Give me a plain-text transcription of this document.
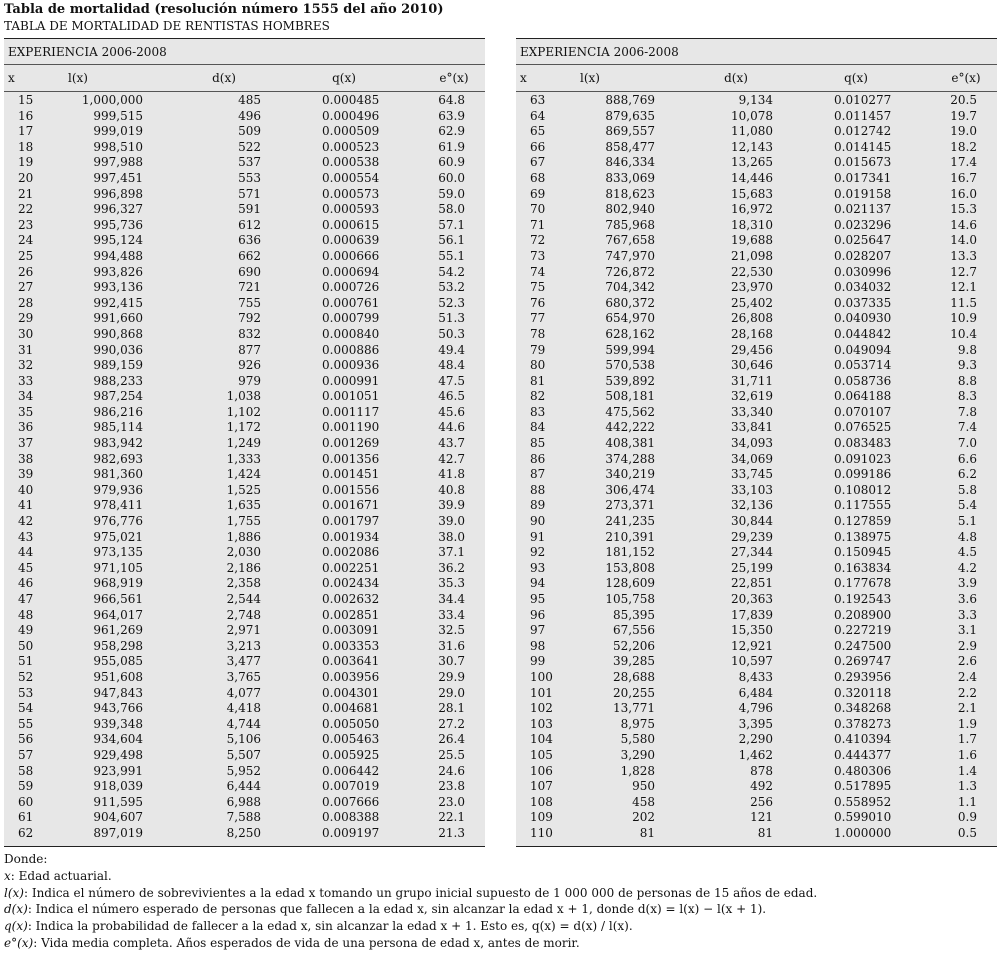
Tabla de mortalidad (resolución número 1555 del año 2010)
TABLA DE MORTALIDAD DE RENTISTAS HOMBRES
EXPERIENCIA 2006-2008
x	l(x)	d(x)	q(x)	e°(x)
15	1,000,000	485	0.000485	64.8
16	999,515	496	0.000496	63.9
17	999,019	509	0.000509	62.9
18	998,510	522	0.000523	61.9
19	997,988	537	0.000538	60.9
20	997,451	553	0.000554	60.0
21	996,898	571	0.000573	59.0
22	996,327	591	0.000593	58.0
23	995,736	612	0.000615	57.1
24	995,124	636	0.000639	56.1
25	994,488	662	0.000666	55.1
26	993,826	690	0.000694	54.2
27	993,136	721	0.000726	53.2
28	992,415	755	0.000761	52.3
29	991,660	792	0.000799	51.3
30	990,868	832	0.000840	50.3
31	990,036	877	0.000886	49.4
32	989,159	926	0.000936	48.4
33	988,233	979	0.000991	47.5
34	987,254	1,038	0.001051	46.5
35	986,216	1,102	0.001117	45.6
36	985,114	1,172	0.001190	44.6
37	983,942	1,249	0.001269	43.7
38	982,693	1,333	0.001356	42.7
39	981,360	1,424	0.001451	41.8
40	979,936	1,525	0.001556	40.8
41	978,411	1,635	0.001671	39.9
42	976,776	1,755	0.001797	39.0
43	975,021	1,886	0.001934	38.0
44	973,135	2,030	0.002086	37.1
45	971,105	2,186	0.002251	36.2
46	968,919	2,358	0.002434	35.3
47	966,561	2,544	0.002632	34.4
48	964,017	2,748	0.002851	33.4
49	961,269	2,971	0.003091	32.5
50	958,298	3,213	0.003353	31.6
51	955,085	3,477	0.003641	30.7
52	951,608	3,765	0.003956	29.9
53	947,843	4,077	0.004301	29.0
54	943,766	4,418	0.004681	28.1
55	939,348	4,744	0.005050	27.2
56	934,604	5,106	0.005463	26.4
57	929,498	5,507	0.005925	25.5
58	923,991	5,952	0.006442	24.6
59	918,039	6,444	0.007019	23.8
60	911,595	6,988	0.007666	23.0
61	904,607	7,588	0.008388	22.1
62	897,019	8,250	0.009197	21.3
EXPERIENCIA 2006-2008
x	l(x)	d(x)	q(x)	e°(x)
63	888,769	9,134	0.010277	20.5
64	879,635	10,078	0.011457	19.7
65	869,557	11,080	0.012742	19.0
66	858,477	12,143	0.014145	18.2
67	846,334	13,265	0.015673	17.4
68	833,069	14,446	0.017341	16.7
69	818,623	15,683	0.019158	16.0
70	802,940	16,972	0.021137	15.3
71	785,968	18,310	0.023296	14.6
72	767,658	19,688	0.025647	14.0
73	747,970	21,098	0.028207	13.3
74	726,872	22,530	0.030996	12.7
75	704,342	23,970	0.034032	12.1
76	680,372	25,402	0.037335	11.5
77	654,970	26,808	0.040930	10.9
78	628,162	28,168	0.044842	10.4
79	599,994	29,456	0.049094	9.8
80	570,538	30,646	0.053714	9.3
81	539,892	31,711	0.058736	8.8
82	508,181	32,619	0.064188	8.3
83	475,562	33,340	0.070107	7.8
84	442,222	33,841	0.076525	7.4
85	408,381	34,093	0.083483	7.0
86	374,288	34,069	0.091023	6.6
87	340,219	33,745	0.099186	6.2
88	306,474	33,103	0.108012	5.8
89	273,371	32,136	0.117555	5.4
90	241,235	30,844	0.127859	5.1
91	210,391	29,239	0.138975	4.8
92	181,152	27,344	0.150945	4.5
93	153,808	25,199	0.163834	4.2
94	128,609	22,851	0.177678	3.9
95	105,758	20,363	0.192543	3.6
96	85,395	17,839	0.208900	3.3
97	67,556	15,350	0.227219	3.1
98	52,206	12,921	0.247500	2.9
99	39,285	10,597	0.269747	2.6
100	28,688	8,433	0.293956	2.4
101	20,255	6,484	0.320118	2.2
102	13,771	4,796	0.348268	2.1
103	8,975	3,395	0.378273	1.9
104	5,580	2,290	0.410394	1.7
105	3,290	1,462	0.444377	1.6
106	1,828	878	0.480306	1.4
107	950	492	0.517895	1.3
108	458	256	0.558952	1.1
109	202	121	0.599010	0.9
110	81	81	1.000000	0.5
Donde:
x: Edad actuarial.
l(x): Indica el número de sobrevivientes a la edad x tomando un grupo inicial supuesto de 1 000 000 de personas de 15 años de edad.
d(x): Indica el número esperado de personas que fallecen a la edad x, sin alcanzar la edad x + 1, donde d(x) = l(x) − l(x + 1).
q(x): Indica la probabilidad de fallecer a la edad x, sin alcanzar la edad x + 1. Esto es, q(x) = d(x) / l(x).
e°(x): Vida media completa. Años esperados de vida de una persona de edad x, antes de morir.
